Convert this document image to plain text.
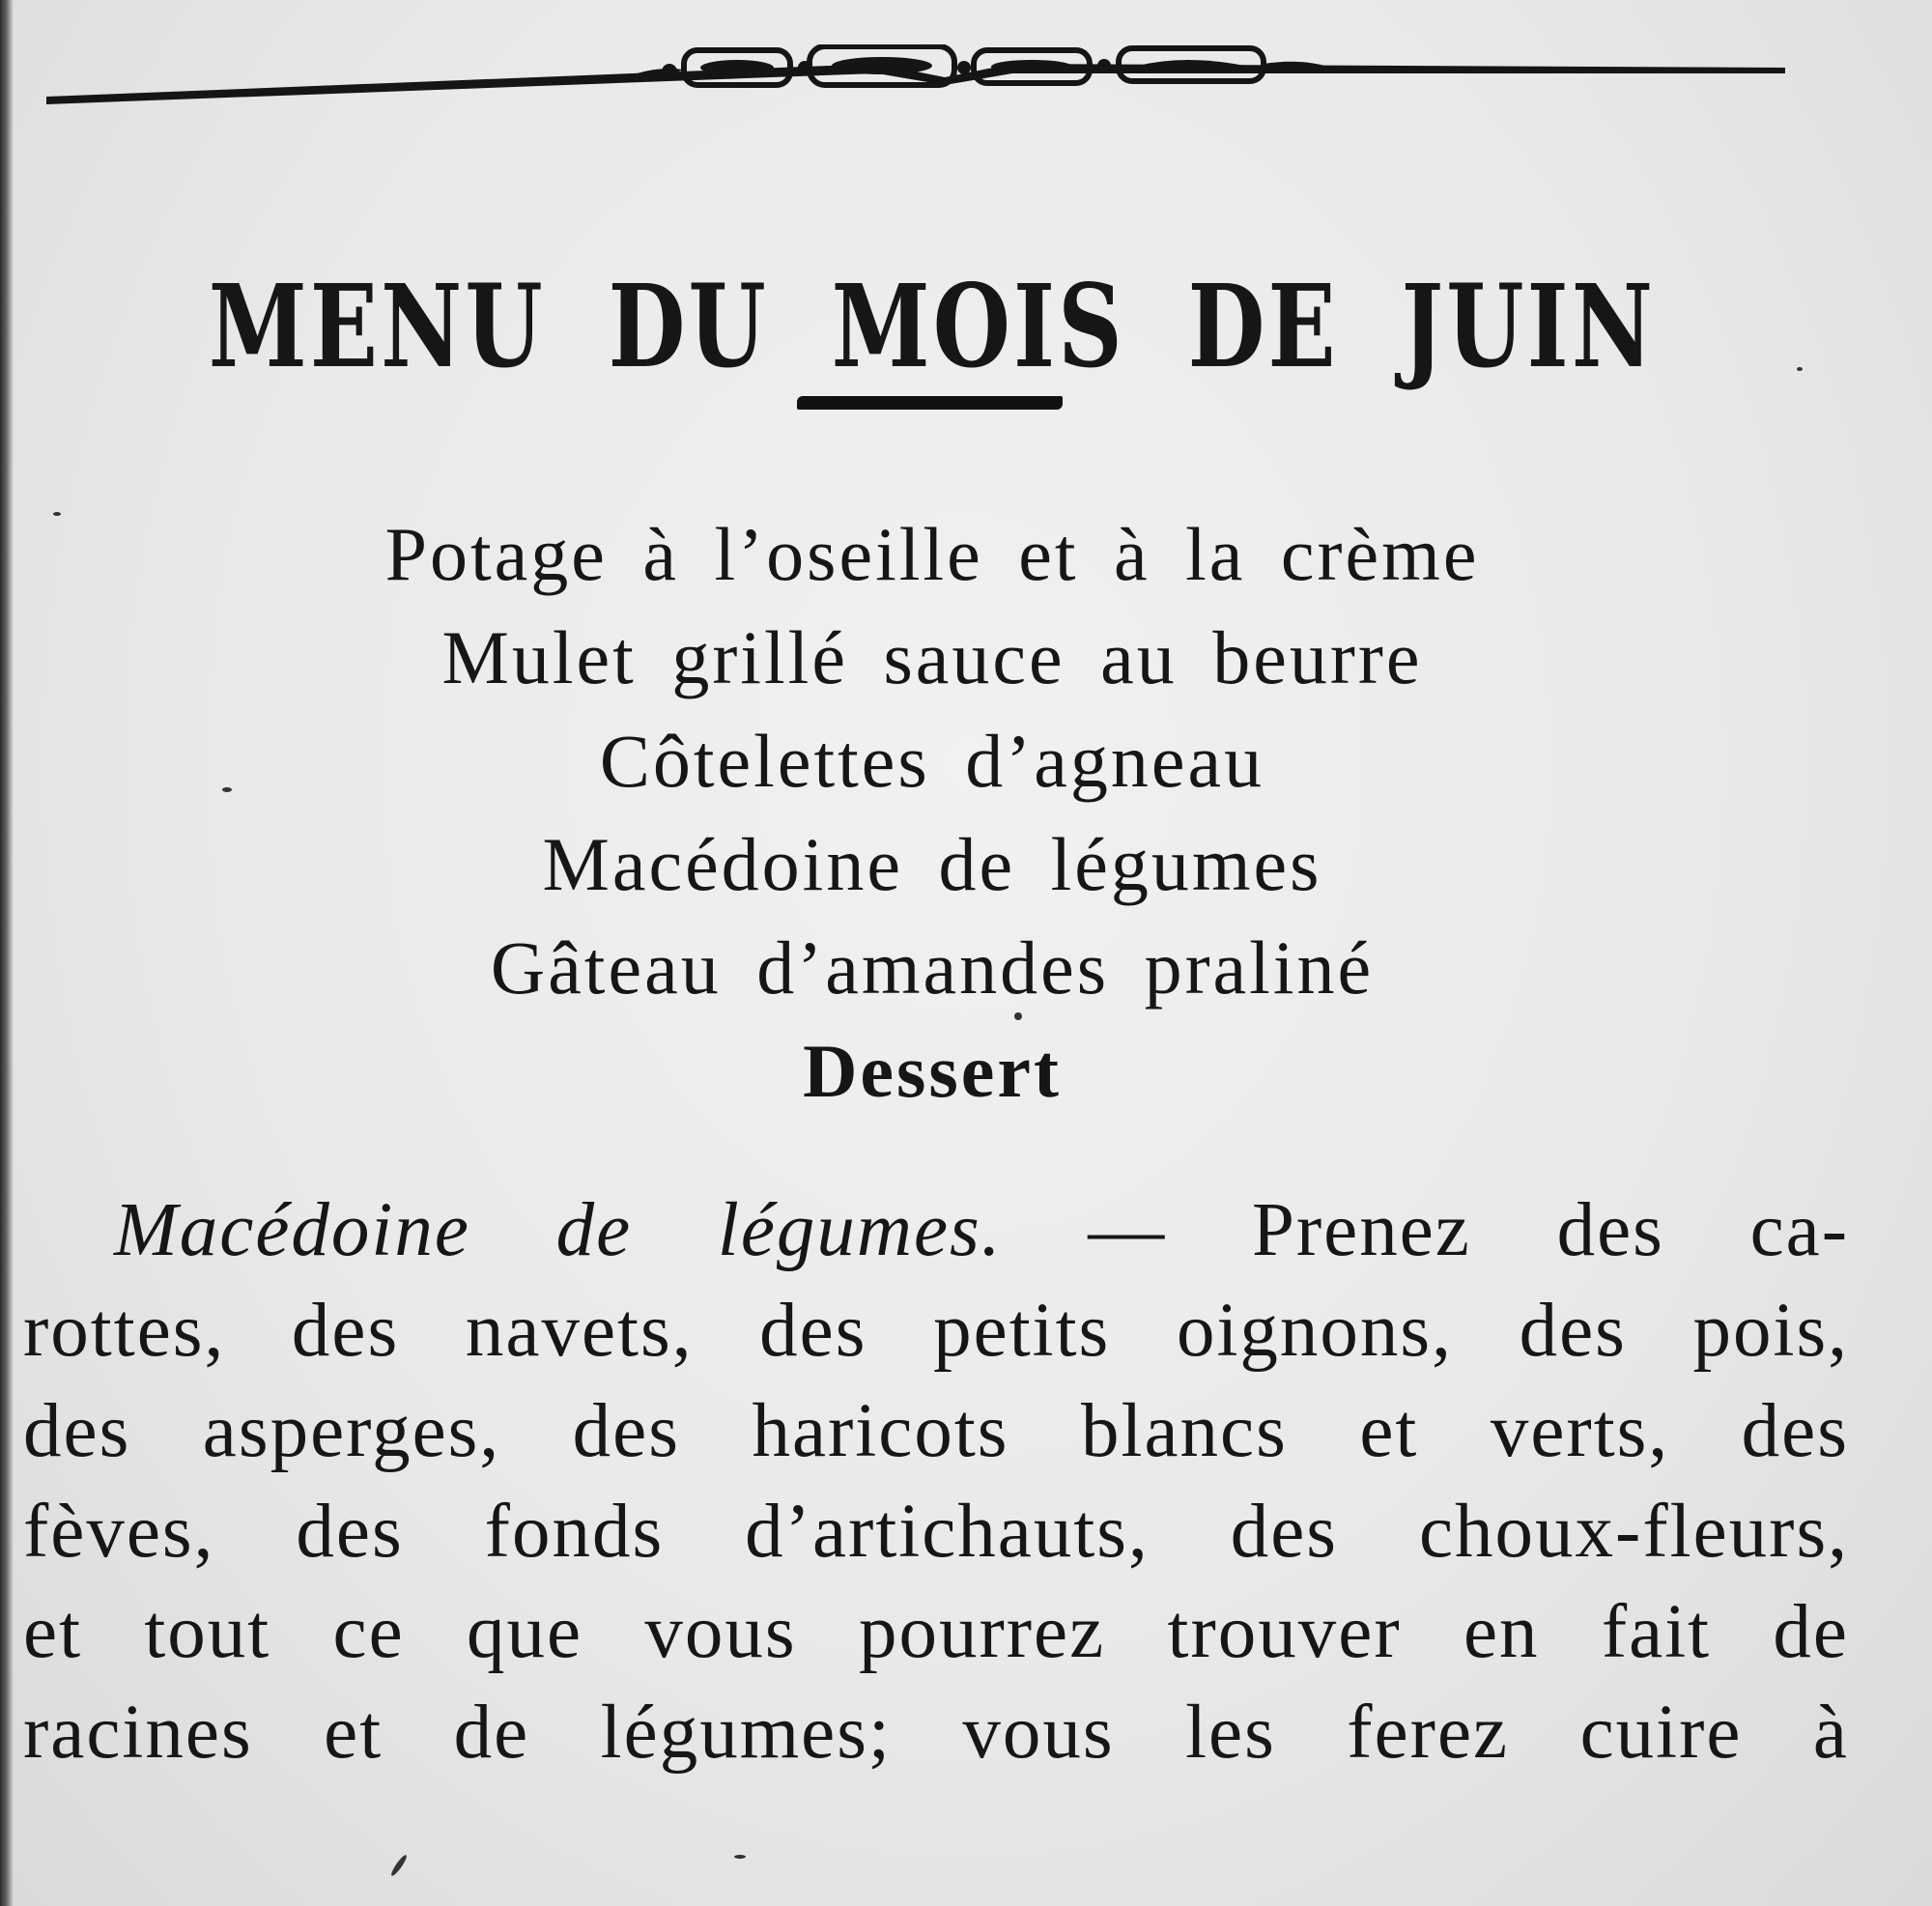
MENU DU MOIS DE JUIN
Potage à l’oseille et à la crème
Mulet grillé sauce au beurre
Côtelettes d’agneau
Macédoine de légumes
Gâteau d’amandes praliné
Dessert
Macédoine de légumes. — Prenez des ca-
rottes, des navets, des petits oignons, des pois,
des asperges, des haricots blancs et verts, des
fèves, des fonds d’artichauts, des choux-fleurs,
et tout ce que vous pourrez trouver en fait de
racines et de légumes; vous les ferez cuire à
